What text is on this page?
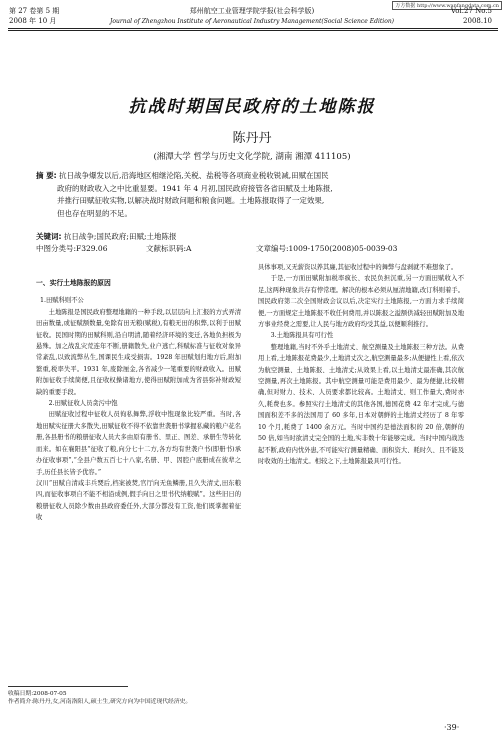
万方数据 http://www.wanfangdata.com.cn
第 27 卷第 5 期
2008 年 10 月
郑州航空工业管理学院学报(社会科学版)
Journal of Zhengzhou Institute of Aeronautical Industry Management(Social Science Edition)
Vol.27 No.5
2008.10
抗战时期国民政府的土地陈报
陈丹丹
(湘潭大学 哲学与历史文化学院, 湖南 湘潭 411105)
摘 要: 抗日战争爆发以后,沿海地区相继沦陷,关税、盐税等各项商业税收锐减,田赋在国民
政府的财政收入之中比重显要。1941 年 4 月初,国民政府接管各省田赋及土地陈报,
并推行田赋征收实物,以解决战时财政问题和粮食问题。土地陈报取得了一定效果,
但也存在明显的不足。
关键词: 抗日战争;国民政府;田赋;土地陈报
中图分类号:F329.06	文献标识码:A	文章编号:1009-1750(2008)05-0039-03

一、实行土地陈报的原因

1.田赋科则不公

土地陈报是国民政府整理地籍的一种手段,以层层向上汇报的方式弄清田亩数量,或征赋额数量,免除有田无粮(赋税),有粮无田的积弊,以利于田赋征收。民国时期的田赋科则,沿自明清,随着经济环境的变迁,各地负担极为悬殊。加之战乱灾荒连年不断,册籍散失,业户逃亡,科赋标准与征收对象异常紊乱,以致流弊丛生,国课民生咸受损害。1928 年田赋划归地方后,附加繁重,税率失平。1931 年,废除厘金,各省减少一笔重要的财政收入。田赋附加征收手续简便,且征收权操诸地方,使得田赋附加成为省县弥补财政短缺的重要手段。

2.田赋征收人员贪污中饱

田赋征收过程中征收人员徇私舞弊,浮收中饱现象比较严重。当时,各地田赋实征册大多散失,田赋征收不得不依靠世袭册书掌握私藏的粮户花名册,各县册书的粮册征收人员大多由原有册书、里正、图差、承册生等转化而来。如在襄阳县“征收了粮,向分七十二方,各方均有世袭户书(即册书)承办征收事项”,“全县户数五百七十八家,名册、甲、因腔户底册成在彼辈之手,历任县长皆予优容。”

汉川“田赋自清咸丰兵燹后,档案被焚,官厅向无鱼鳞册,且久失清丈,田东粮四,而征收事项自不能不相沿成例,假手向日之里书代纳粮赋”。这些旧日的粮册征收人员除少数由县政府委任外,大部分都没有工资,他们既掌握着征收

具体事项,又无薪资以养其廉,其征收过程中的舞弊与盘剥就不难想象了。

于是,一方面田赋附加税率疯长、农民负担沉重,另一方面田赋收入不足,这两种现象共存有悖常理。解决的根本必须从厘清地籍,改订科则着手。国民政府第二次全国财政会议以后,决定实行土地陈报,一方面力求手续简便,一方面规定土地陈报不收任何费用,并以陈报之溢额供减轻田赋附加及地方事业经费之需要,让人民与地方政府均受其益,以便顺利推行。

3.土地陈报具有可行性

整理地籍,当时不外乎土地清丈、航空测量及土地陈报三种方法。从费用上看,土地陈报花费最少,土地清丈次之,航空测量最多;从便捷性上看,依次为航空测量、土地陈报、土地清丈;从效果上看,以土地清丈最准确,其次航空测量,再次土地陈报。其中航空测量可能是费用最少、最为便捷,比较精确,但对财力、技术、人员要求都比较高。土地清丈、则工作量大,费时亦久,耗费也多。参照实行土地清丈的其他各国,德国花费 42 年才完成,与德国面积差不多的法国用了 60 多年,日本对朝鲜的土地清丈经历了 8 年零 10 个月,耗费了 1400 余万元。当时中国约是德法面积的 20 倍,朝鲜的 50 倍,如当时欲清丈完全国的土地,实非数十年能够完成。当时中国内战迭起不断,政府内忧外患,不可能实行测量精确、面积资大、耗时久、且不能及时收效的土地清丈。相较之下,土地陈报最具可行性。

收稿日期:2008-07-05
作者简介:陈丹丹,女,河南洛阳人,硕士生,研究方向为中国近现代经济史。
·39·
